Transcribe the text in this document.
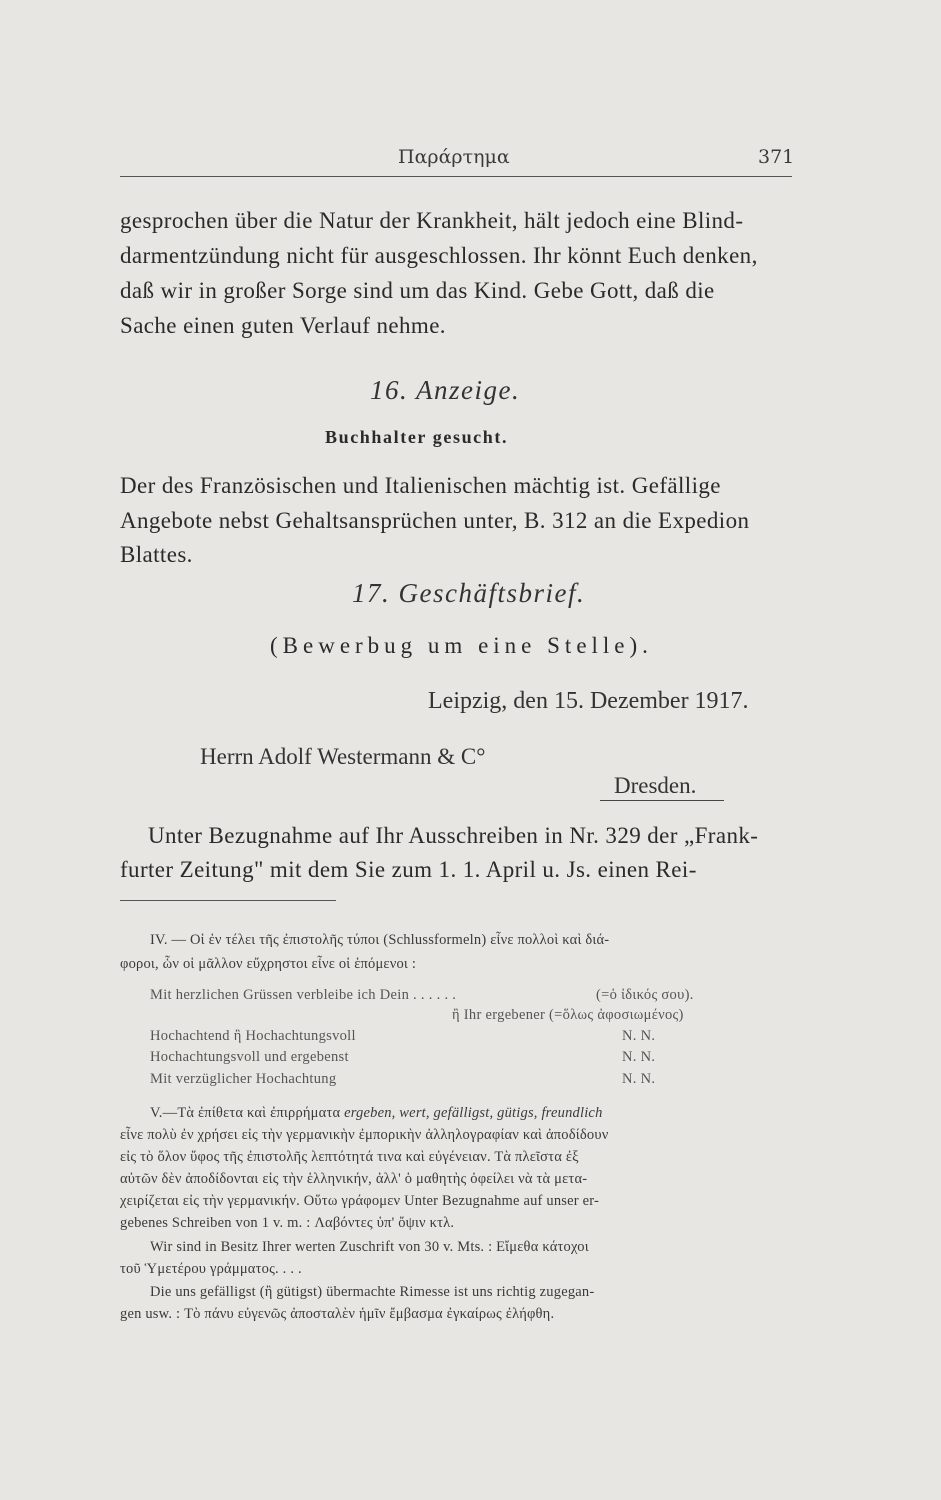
Παράρτημα	371
gesprochen über die Natur der Krankheit, hält jedoch eine Blind-
darmentzündung nicht für ausgeschlossen. Ihr könnt Euch denken,
daß wir in großer Sorge sind um das Kind. Gebe Gott, daß die
Sache einen guten Verlauf nehme.
16. Anzeige.
Buchhalter gesucht.
Der des Französischen und Italienischen mächtig ist. Gefällige
Angebote nebst Gehaltsansprüchen unter, B. 312 an die Expedion
Blattes.
17. Geschäftsbrief.
(Bewerbug um eine Stelle).
Leipzig, den 15. Dezember 1917.
Herrn Adolf Westermann & C°
Dresden.
Unter Bezugnahme auf Ihr Ausschreiben in Nr. 329 der „Frank-
furter Zeitung" mit dem Sie zum 1. 1. April u. Js. einen Rei-
IV. — Οἱ ἐν τέλει τῆς ἐπιστολῆς τύποι (Schlussformeln) εἶνε πολλοὶ καὶ διά-
φοροι, ὧν οἱ μᾶλλον εὔχρηστοι εἶνε οἱ ἑπόμενοι :
Mit herzlichen Grüssen verbleibe ich Dein . . . . . .	(=ὁ ἰδικός σου).
ἢ Ihr ergebener (=ὅλως ἀφοσιωμένος)
Hochachtend ἢ Hochachtungsvoll	N. N.
Hochachtungsvoll und ergebenst	N. N.
Mit verzüglicher Hochachtung	N. N.
V.—Τὰ ἐπίθετα καὶ ἐπιρρήματα ergeben, wert, gefälligst, gütigs, freundlich
εἶνε πολὺ ἐν χρήσει εἰς τὴν γερμανικὴν ἐμπορικὴν ἀλληλογραφίαν καὶ ἀποδίδουν
εἰς τὸ ὅλον ὕφος τῆς ἐπιστολῆς λεπτότητά τινα καὶ εὐγένειαν. Τὰ πλεῖστα ἐξ
αὐτῶν δὲν ἀποδίδονται εἰς τὴν ἑλληνικήν, ἀλλ' ὁ μαθητὴς ὀφείλει νὰ τὰ μετα-
χειρίζεται εἰς τὴν γερμανικήν. Οὕτω γράφομεν Unter Bezugnahme auf unser er-
gebenes Schreiben von 1 v. m. : Λαβόντες ὑπ' ὄψιν κτλ.
Wir sind in Besitz Ihrer werten Zuschrift von 30 v. Mts. : Εἴμεθα κάτοχοι
τοῦ Ὑμετέρου γράμματος. . . .
Die uns gefälligst (ἢ gütigst) übermachte Rimesse ist uns richtig zugegan-
gen usw. : Τὸ πάνυ εὐγενῶς ἀποσταλὲν ἡμῖν ἔμβασμα ἐγκαίρως ἐλήφθη.
